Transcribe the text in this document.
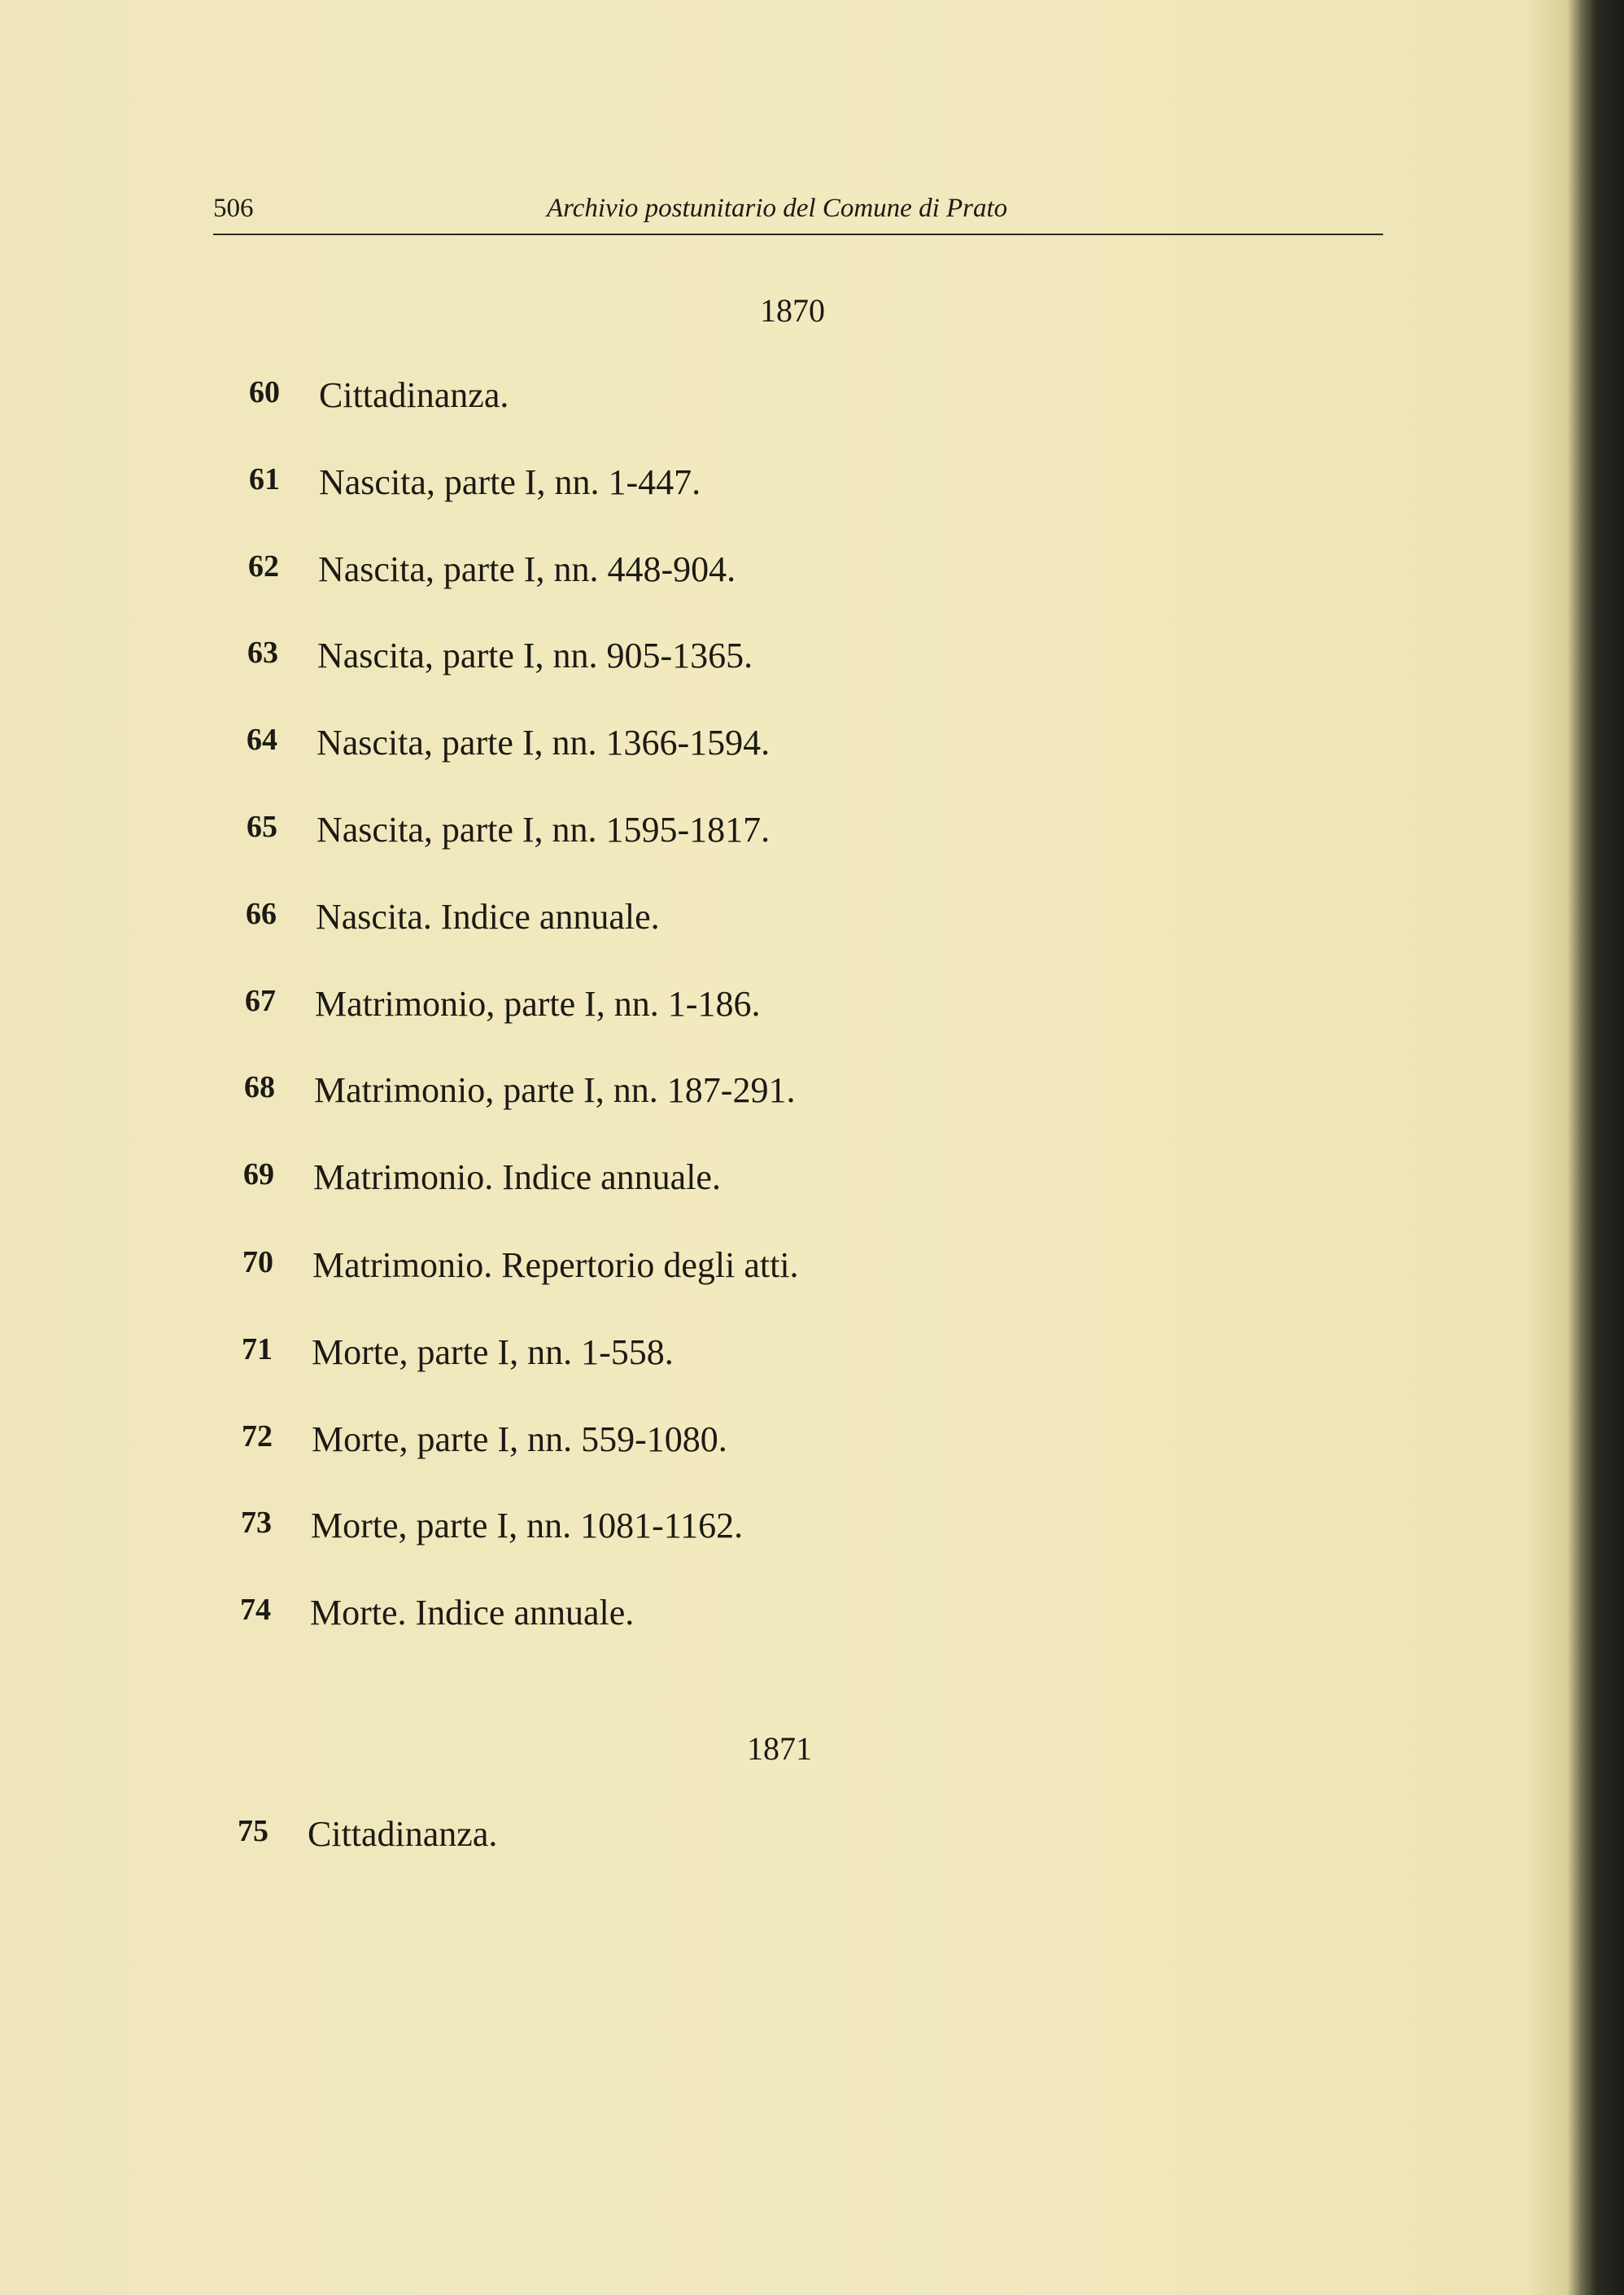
506	Archivio postunitario del Comune di Prato
1870
1871
60 Cittadinanza.
61 Nascita, parte I, nn. 1-447.
62 Nascita, parte I, nn. 448-904.
63 Nascita, parte I, nn. 905-1365.
64 Nascita, parte I, nn. 1366-1594.
65 Nascita, parte I, nn. 1595-1817.
66 Nascita. Indice annuale.
67 Matrimonio, parte I, nn. 1-186.
68 Matrimonio, parte I, nn. 187-291.
69 Matrimonio. Indice annuale.
70 Matrimonio. Repertorio degli atti.
71 Morte, parte I, nn. 1-558.
72 Morte, parte I, nn. 559-1080.
73 Morte, parte I, nn. 1081-1162.
74 Morte. Indice annuale.
75 Cittadinanza.
